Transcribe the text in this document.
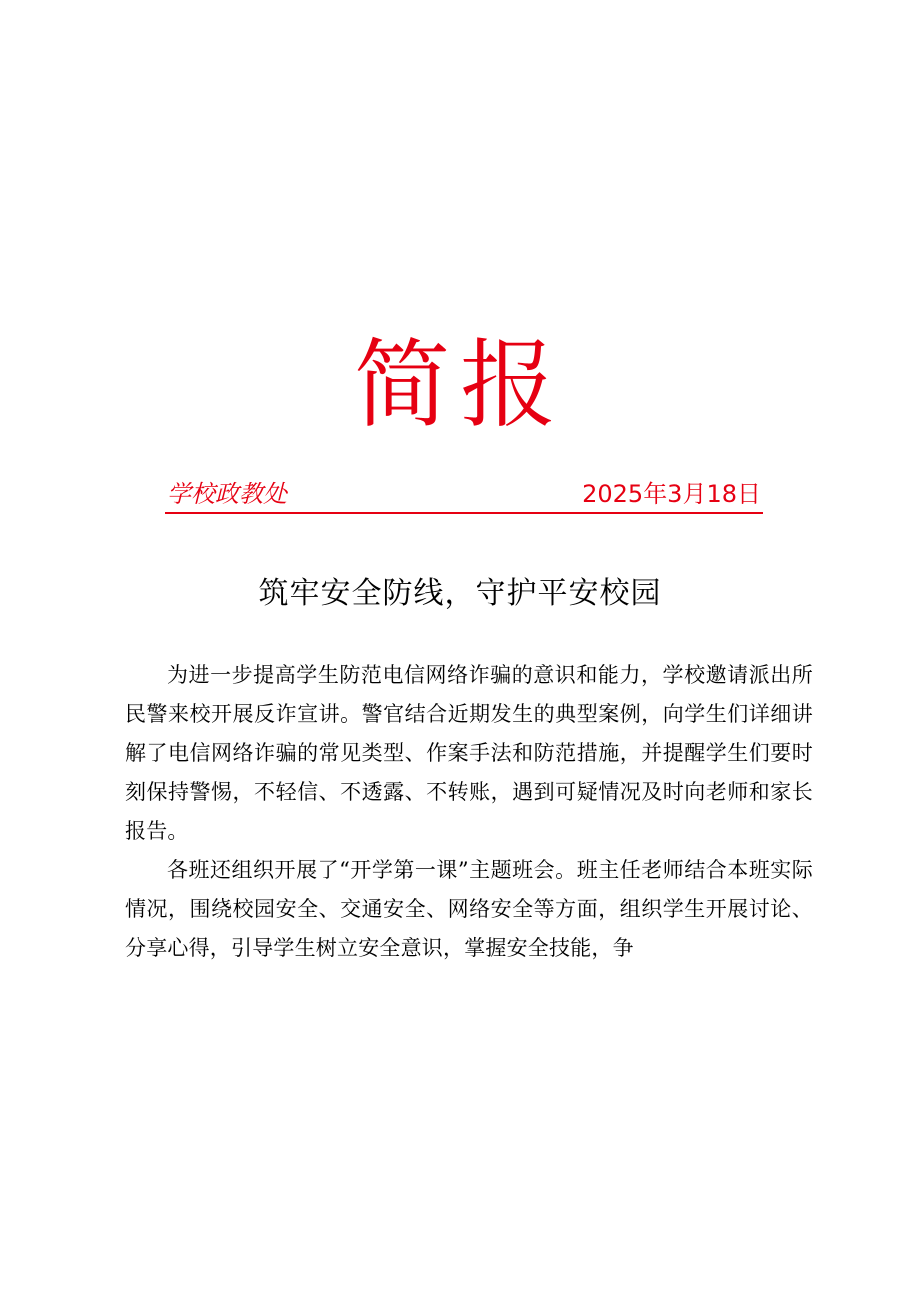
简报
学校政教处	2025年3月18日
筑牢安全防线，守护平安校园

为进一步提高学生防范电信网络诈骗的意识和能力，学校邀请派出所民警来校开展反诈宣讲。警官结合近期发生的典型案例，向学生们详细讲解了电信网络诈骗的常见类型、作案手法和防范措施，并提醒学生们要时刻保持警惕，不轻信、不透露、不转账，遇到可疑情况及时向老师和家长报告。

各班还组织开展了“开学第一课”主题班会。班主任老师结合本班实际情况，围绕校园安全、交通安全、网络安全等方面，组织学生开展讨论、分享心得，引导学生树立安全意识，掌握安全技能，争
